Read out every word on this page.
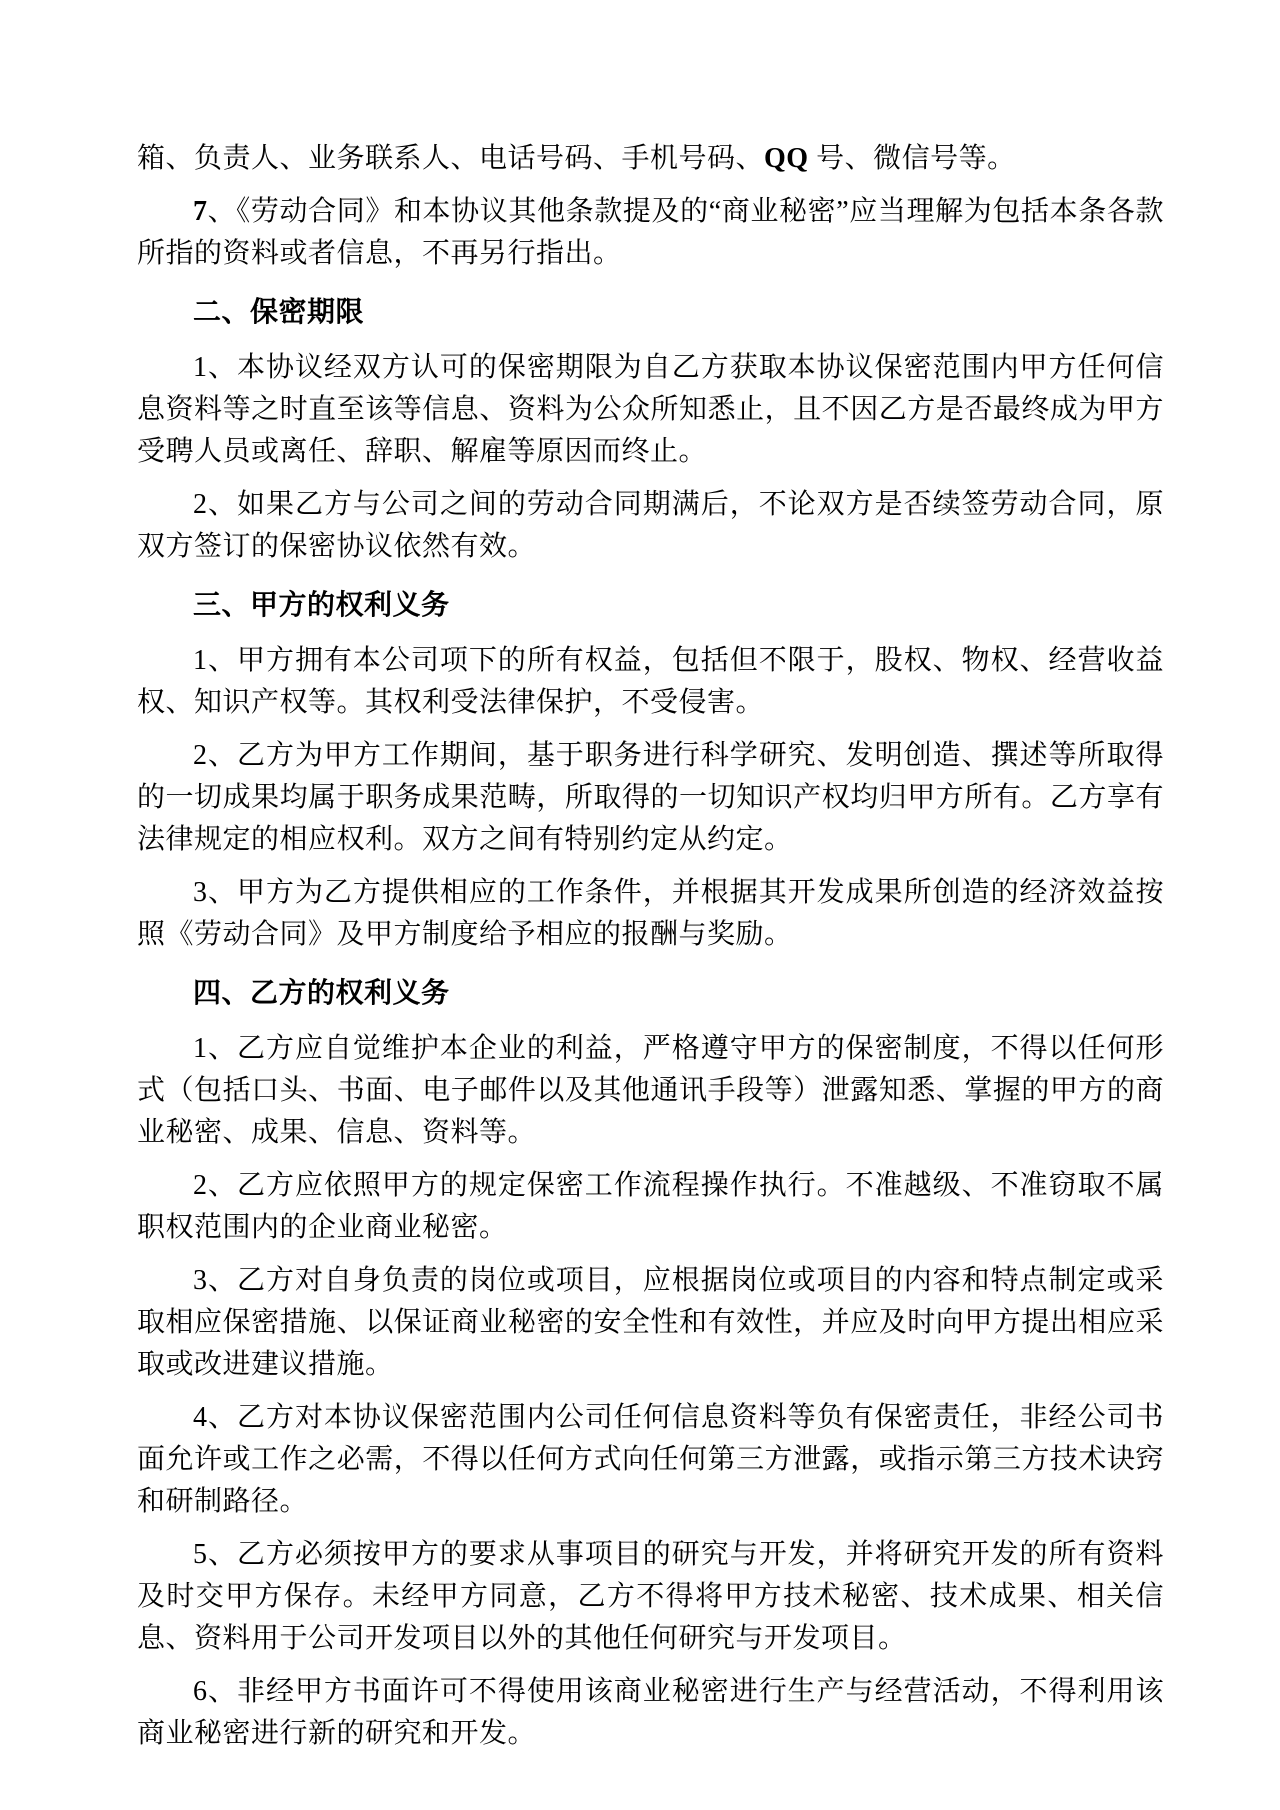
箱、负责人、业务联系人、电话号码、手机号码、QQ 号、微信号等。

7、《劳动合同》和本协议其他条款提及的“商业秘密”应当理解为包括本条各款所指的资料或者信息，不再另行指出。

二、保密期限

1、本协议经双方认可的保密期限为自乙方获取本协议保密范围内甲方任何信息资料等之时直至该等信息、资料为公众所知悉止，且不因乙方是否最终成为甲方受聘人员或离任、辞职、解雇等原因而终止。

2、如果乙方与公司之间的劳动合同期满后，不论双方是否续签劳动合同，原双方签订的保密协议依然有效。

三、甲方的权利义务

1、甲方拥有本公司项下的所有权益，包括但不限于，股权、物权、经营收益权、知识产权等。其权利受法律保护，不受侵害。

2、乙方为甲方工作期间，基于职务进行科学研究、发明创造、撰述等所取得的一切成果均属于职务成果范畴，所取得的一切知识产权均归甲方所有。乙方享有法律规定的相应权利。双方之间有特别约定从约定。

3、甲方为乙方提供相应的工作条件，并根据其开发成果所创造的经济效益按照《劳动合同》及甲方制度给予相应的报酬与奖励。

四、乙方的权利义务

1、乙方应自觉维护本企业的利益，严格遵守甲方的保密制度，不得以任何形式（包括口头、书面、电子邮件以及其他通讯手段等）泄露知悉、掌握的甲方的商业秘密、成果、信息、资料等。

2、乙方应依照甲方的规定保密工作流程操作执行。不准越级、不准窃取不属职权范围内的企业商业秘密。

3、乙方对自身负责的岗位或项目，应根据岗位或项目的内容和特点制定或采取相应保密措施、以保证商业秘密的安全性和有效性，并应及时向甲方提出相应采取或改进建议措施。

4、乙方对本协议保密范围内公司任何信息资料等负有保密责任，非经公司书面允许或工作之必需，不得以任何方式向任何第三方泄露，或指示第三方技术诀窍和研制路径。

5、乙方必须按甲方的要求从事项目的研究与开发，并将研究开发的所有资料及时交甲方保存。未经甲方同意，乙方不得将甲方技术秘密、技术成果、相关信息、资料用于公司开发项目以外的其他任何研究与开发项目。

6、非经甲方书面许可不得使用该商业秘密进行生产与经营活动，不得利用该商业秘密进行新的研究和开发。
